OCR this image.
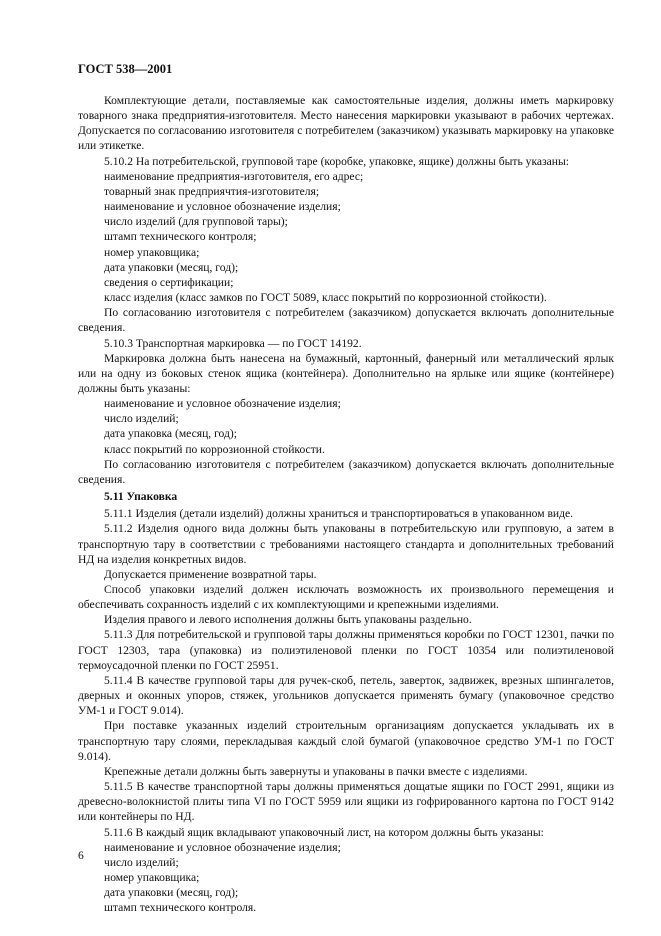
ГОСТ 538—2001

Комплектующие детали, поставляемые как самостоятельные изделия, должны иметь маркировку товарного знака предприятия-изготовителя. Место нанесения маркировки указывают в рабочих чертежах. Допускается по согласованию изготовителя с потребителем (заказчиком) указывать маркировку на упаковке или этикетке.

5.10.2 На потребительской, групповой таре (коробке, упаковке, ящике) должны быть указаны:

наименование предприятия-изготовителя, его адрес;

товарный знак предприячтия-изготовителя;

наименование и условное обозначение изделия;

число изделий (для групповой тары);

штамп технического контроля;

номер упаковщика;

дата упаковки (месяц, год);

сведения о сертификации;

класс изделия (класс замков по ГОСТ 5089, класс покрытий по коррозионной стойкости).

По согласованию изготовителя с потребителем (заказчиком) допускается включать дополнительные сведения.

5.10.3 Транспортная маркировка — по ГОСТ 14192.

Маркировка должна быть нанесена на бумажный, картонный, фанерный или металлический ярлык или на одну из боковых стенок ящика (контейнера). Дополнительно на ярлыке или ящике (контейнере) должны быть указаны:

наименование и условное обозначение изделия;

число изделий;

дата упаковка (месяц, год);

класс покрытий по коррозионной стойкости.

По согласованию изготовителя с потребителем (заказчиком) допускается включать дополнительные сведения.

5.11 Упаковка

5.11.1 Изделия (детали изделий) должны храниться и транспортироваться в упакованном виде.

5.11.2 Изделия одного вида должны быть упакованы в потребительскую или групповую, а затем в транспортную тару в соответствии с требованиями настоящего стандарта и дополнительных требований НД на изделия конкретных видов.

Допускается применение возвратной тары.

Способ упаковки изделий должен исключать возможность их произвольного перемещения и обеспечивать сохранность изделий с их комплектующими и крепежными изделиями.

Изделия правого и левого исполнения должны быть упакованы раздельно.

5.11.3 Для потребительской и групповой тары должны применяться коробки по ГОСТ 12301, пачки по ГОСТ 12303, тара (упаковка) из полиэтиленовой пленки по ГОСТ 10354 или полиэтиленовой термоусадочной пленки по ГОСТ 25951.

5.11.4 В качестве групповой тары для ручек-скоб, петель, заверток, задвижек, врезных шпингалетов, дверных и оконных упоров, стяжек, угольников допускается применять бумагу (упаковочное средство УМ-1 и ГОСТ 9.014).

При поставке указанных изделий строительным организациям допускается укладывать их в транспортную тару слоями, перекладывая каждый слой бумагой (упаковочное средство УМ-1 по ГОСТ 9.014).

Крепежные детали должны быть завернуты и упакованы в пачки вместе с изделиями.

5.11.5 В качестве транспортной тары должны применяться дощатые ящики по ГОСТ 2991, ящики из древесно-волокнистой плиты типа VI по ГОСТ 5959 или ящики из гофрированного картона по ГОСТ 9142 или контейнеры по НД.

5.11.6 В каждый ящик вкладывают упаковочный лист, на котором должны быть указаны:

наименование и условное обозначение изделия;

число изделий;

номер упаковщика;

дата упаковки (месяц, год);

штамп технического контроля.

6
